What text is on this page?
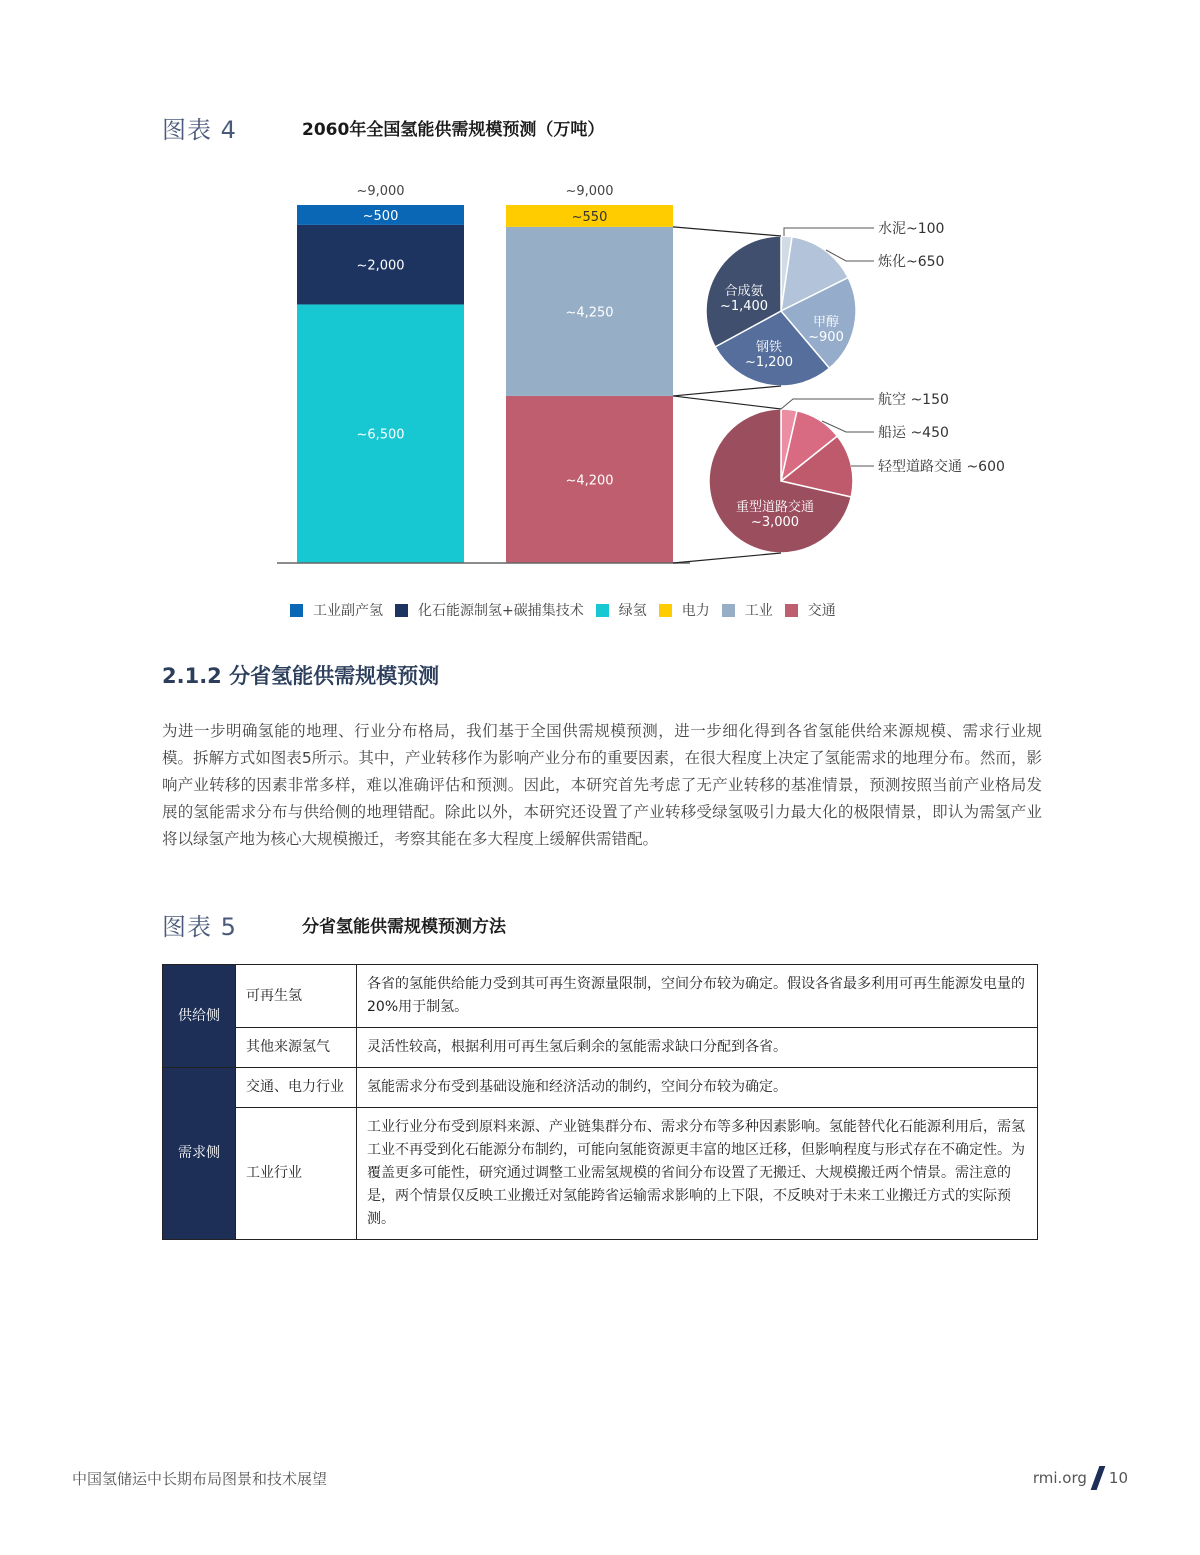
图表 4	2060年全国氢能供需规模预测（万吨）
~6,500
~2,000
~500
~9,000
~4,200
~4,250
~550
~9,000
水泥~100
炼化~650
甲醇
~900
钢铁
~1,200
合成氨
~1,400
航空 ~150
船运 ~450
轻型道路交通 ~600
重型道路交通
~3,000
工业副产氢	化石能源制氢+碳捕集技术	绿氢	电力	工业	交通
2.1.2 分省氢能供需规模预测
为进一步明确氢能的地理、行业分布格局，我们基于全国供需规模预测，进一步细化得到各省氢能供给来源规模、需求行业规模。拆解方式如图表5所示。其中，产业转移作为影响产业分布的重要因素，在很大程度上决定了氢能需求的地理分布。然而，影响产业转移的因素非常多样，难以准确评估和预测。因此，本研究首先考虑了无产业转移的基准情景，预测按照当前产业格局发展的氢能需求分布与供给侧的地理错配。除此以外，本研究还设置了产业转移受绿氢吸引力最大化的极限情景，即认为需氢产业将以绿氢产地为核心大规模搬迁，考察其能在多大程度上缓解供需错配。
图表 5	分省氢能供需规模预测方法
供给侧	可再生氢	各省的氢能供给能力受到其可再生资源量限制，空间分布较为确定。假设各省最多利用可再生能源发电量的20%用于制氢。
	其他来源氢气	灵活性较高，根据利用可再生氢后剩余的氢能需求缺口分配到各省。
需求侧	交通、电力行业	氢能需求分布受到基础设施和经济活动的制约，空间分布较为确定。
	工业行业	工业行业分布受到原料来源、产业链集群分布、需求分布等多种因素影响。氢能替代化石能源利用后，需氢工业不再受到化石能源分布制约，可能向氢能资源更丰富的地区迁移，但影响程度与形式存在不确定性。为覆盖更多可能性，研究通过调整工业需氢规模的省间分布设置了无搬迁、大规模搬迁两个情景。需注意的是，两个情景仅反映工业搬迁对氢能跨省运输需求影响的上下限，不反映对于未来工业搬迁方式的实际预测。
中国氢储运中长期布局图景和技术展望	rmi.org 10
